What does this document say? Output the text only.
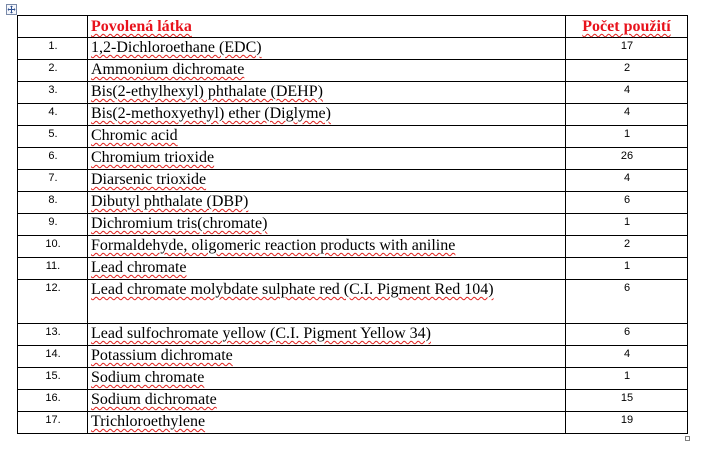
	Povolená látka	Počet použití
1.	1,2-Dichloroethane (EDC)	17
2.	Ammonium dichromate	2
3.	Bis(2-ethylhexyl) phthalate (DEHP)	4
4.	Bis(2-methoxyethyl) ether (Diglyme)	4
5.	Chromic acid	1
6.	Chromium trioxide	26
7.	Diarsenic trioxide	4
8.	Dibutyl phthalate (DBP)	6
9.	Dichromium tris(chromate)	1
10.	Formaldehyde, oligomeric reaction products with aniline	2
11.	Lead chromate	1
12.	Lead chromate molybdate sulphate red (C.I. Pigment Red 104)	6
13.	Lead sulfochromate yellow (C.I. Pigment Yellow 34)	6
14.	Potassium dichromate	4
15.	Sodium chromate	1
16.	Sodium dichromate	15
17.	Trichloroethylene	19
